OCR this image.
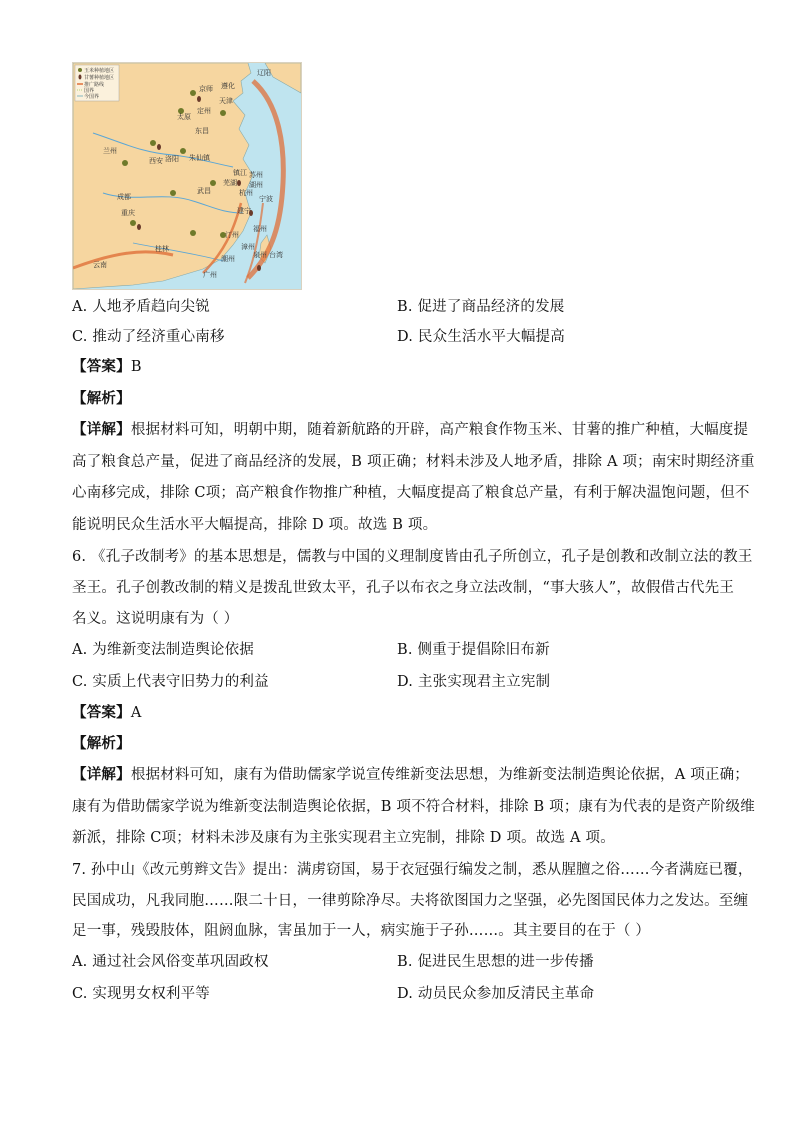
玉米种植地区
甘薯种植地区
推广路线
国界
今国界
辽阳
京师 遵化
天津
太原
定州
东昌
兰州
洛阳 朱仙镇
西安
镇江 苏州
芜湖 湖州
杭州
成都
武昌
宁波
重庆	建宁
桂林
汀州
福州
漳州
泉州
潮州	台湾
云南
广州
A. 人地矛盾趋向尖锐	B. 促进了商品经济的发展
C. 推动了经济重心南移	D. 民众生活水平大幅提高
【答案】B
【解析】
【详解】根据材料可知，明朝中期，随着新航路的开辟，高产粮食作物玉米、甘薯的推广种植，大幅度提
高了粮食总产量，促进了商品经济的发展，B 项正确；材料未涉及人地矛盾，排除 A 项；南宋时期经济重
心南移完成，排除 C项；高产粮食作物推广种植，大幅度提高了粮食总产量，有利于解决温饱问题，但不
能说明民众生活水平大幅提高，排除 D 项。故选 B 项。
6. 《孔子改制考》的基本思想是，儒教与中国的义理制度皆由孔子所创立，孔子是创教和改制立法的教王
圣王。孔子创教改制的精义是拨乱世致太平，孔子以布衣之身立法改制，“事大骇人”，故假借古代先王
名义。这说明康有为（ ）
A. 为维新变法制造舆论依据	B. 侧重于提倡除旧布新
C. 实质上代表守旧势力的利益	D. 主张实现君主立宪制
【答案】A
【解析】
【详解】根据材料可知，康有为借助儒家学说宣传维新变法思想，为维新变法制造舆论依据，A 项正确；
康有为借助儒家学说为维新变法制造舆论依据，B 项不符合材料，排除 B 项；康有为代表的是资产阶级维
新派，排除 C项；材料未涉及康有为主张实现君主立宪制，排除 D 项。故选 A 项。
7. 孙中山《改元剪辫文告》提出：满虏窃国，易于衣冠强行编发之制，悉从腥膻之俗……今者满庭已覆，
民国成功，凡我同胞……限二十日，一律剪除净尽。夫将欲图国力之坚强，必先图国民体力之发达。至缠
足一事，残毁肢体，阻阏血脉，害虽加于一人，病实施于子孙……。其主要目的在于（ ）
A. 通过社会风俗变革巩固政权	B. 促进民生思想的进一步传播
C. 实现男女权利平等	D. 动员民众参加反清民主革命
